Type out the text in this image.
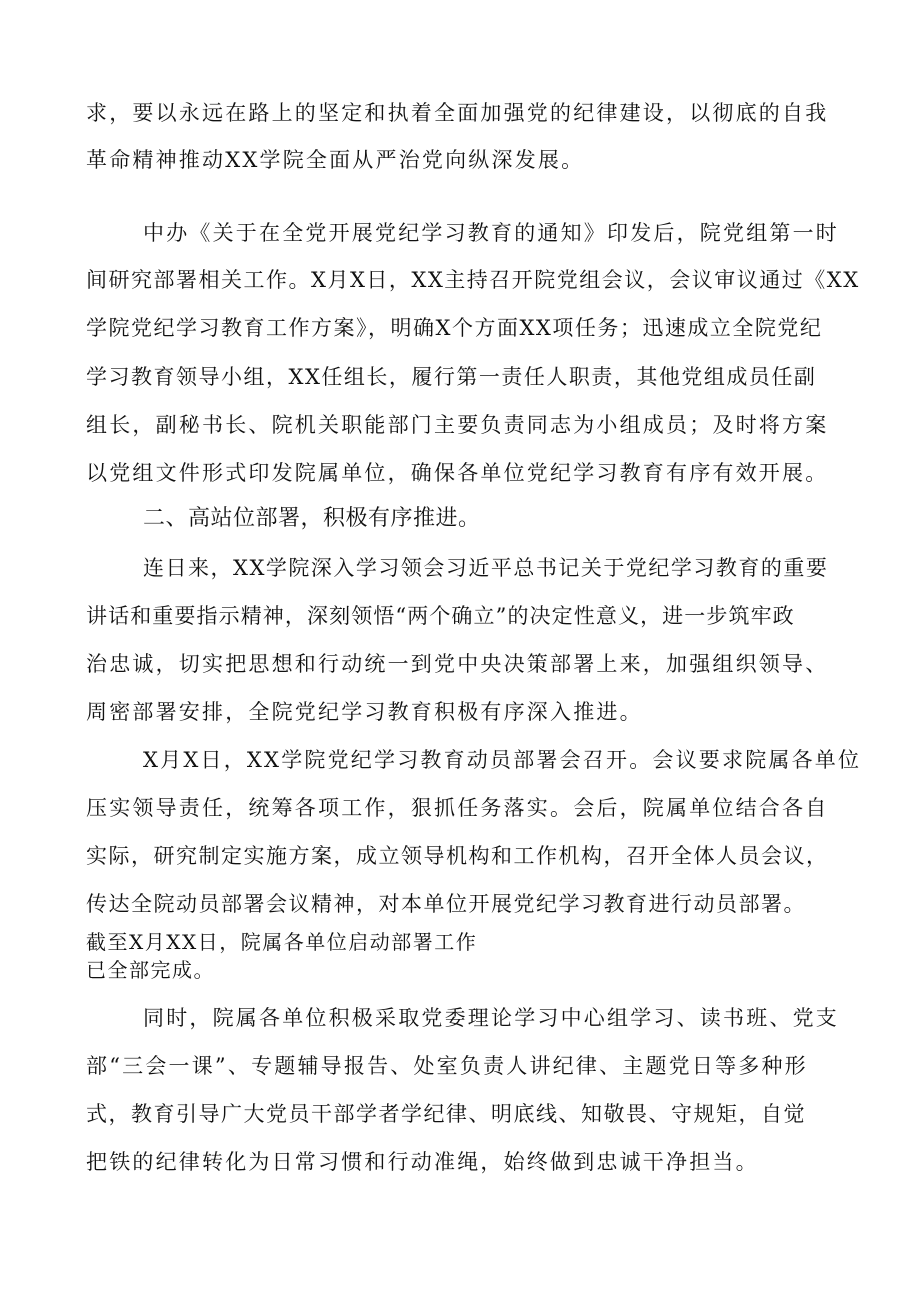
求，要以永远在路上的坚定和执着全面加强党的纪律建设，以彻底的自我
革命精神推动XX学院全面从严治党向纵深发展。
中办《关于在全党开展党纪学习教育的通知》印发后，院党组第一时
间研究部署相关工作。X月X日，XX主持召开院党组会议，会议审议通过《XX
学院党纪学习教育工作方案》，明确X个方面XX项任务；迅速成立全院党纪
学习教育领导小组，XX任组长，履行第一责任人职责，其他党组成员任副
组长，副秘书长、院机关职能部门主要负责同志为小组成员；及时将方案
以党组文件形式印发院属单位，确保各单位党纪学习教育有序有效开展。
二、高站位部署，积极有序推进。
连日来，XX学院深入学习领会习近平总书记关于党纪学习教育的重要
讲话和重要指示精神，深刻领悟“两个确立”的决定性意义，进一步筑牢政
治忠诚，切实把思想和行动统一到党中央决策部署上来，加强组织领导、
周密部署安排，全院党纪学习教育积极有序深入推进。
X月X日，XX学院党纪学习教育动员部署会召开。会议要求院属各单位
压实领导责任，统筹各项工作，狠抓任务落实。会后，院属单位结合各自
实际，研究制定实施方案，成立领导机构和工作机构，召开全体人员会议，
传达全院动员部署会议精神，对本单位开展党纪学习教育进行动员部署。
截至X月XX日，院属各单位启动部署工作
已全部完成。
同时，院属各单位积极采取党委理论学习中心组学习、读书班、党支
部“三会一课”、专题辅导报告、处室负责人讲纪律、主题党日等多种形
式，教育引导广大党员干部学者学纪律、明底线、知敬畏、守规矩，自觉
把铁的纪律转化为日常习惯和行动准绳，始终做到忠诚干净担当。
